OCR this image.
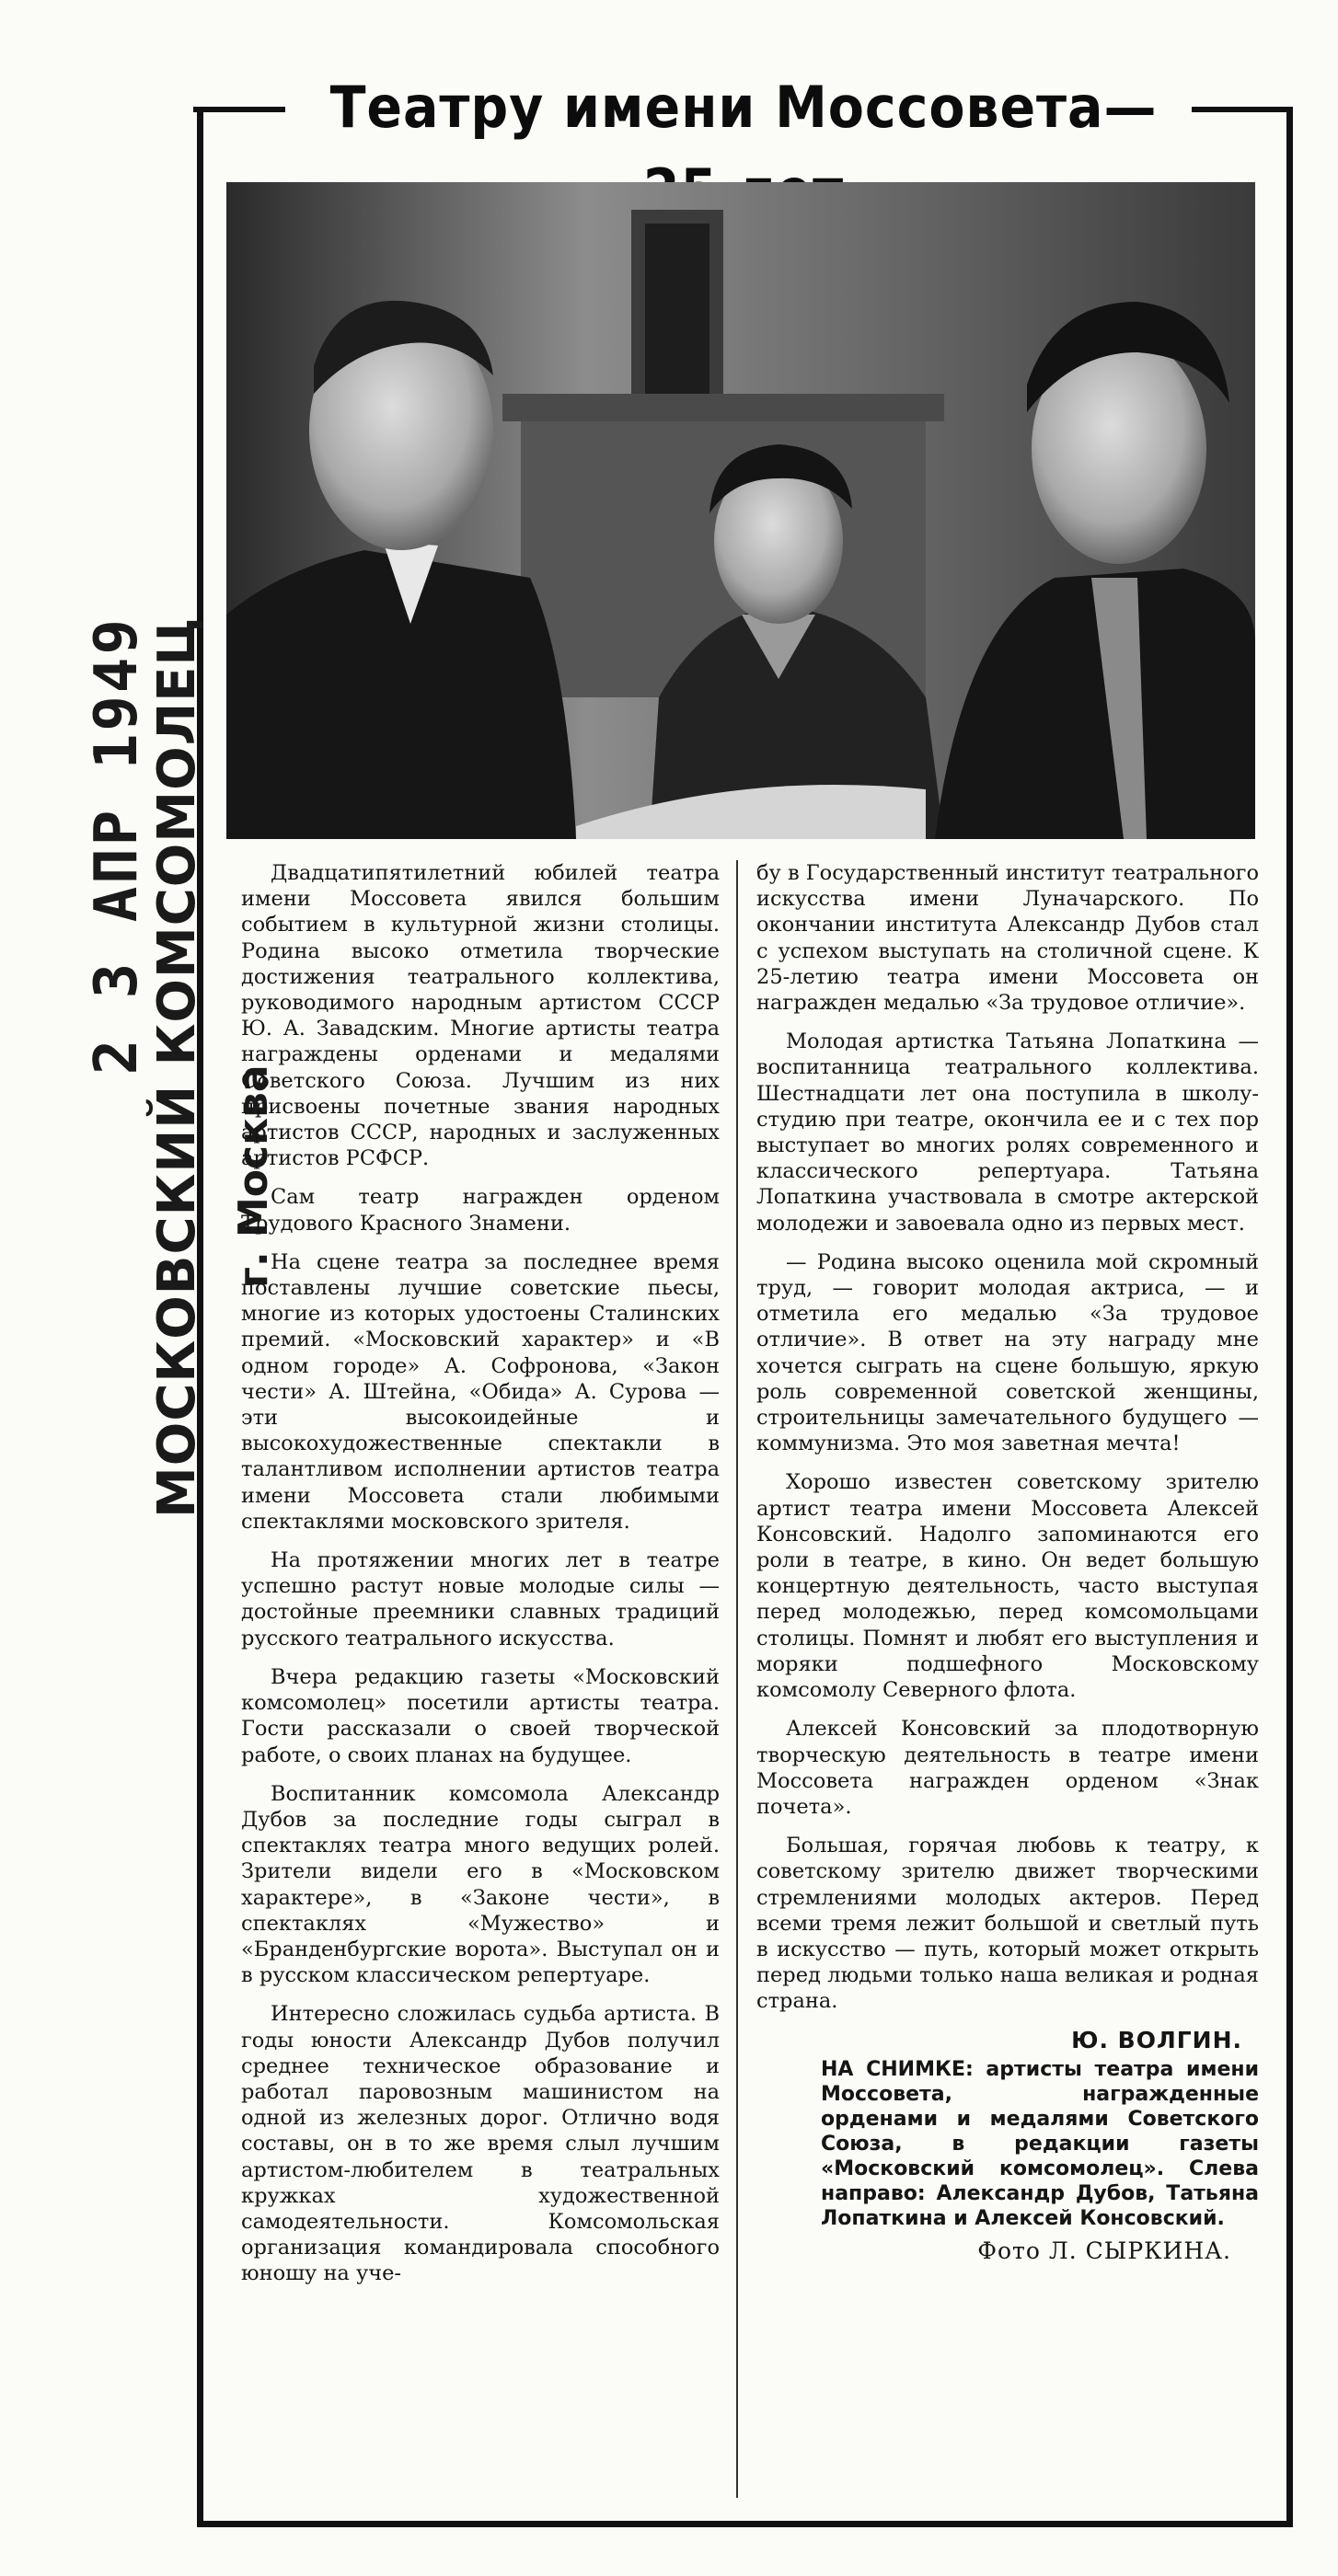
Театру имени Моссовета—
2 3 АПР 1949
МОСКОВСКИЙ КОМСОМОЛЕЦ г. Москва

Двадцатипятилетний юбилей театра имени Моссовета явился большим событием в культурной жизни столицы. Родина высоко отметила творческие достижения театрального коллектива, руководимого народным артистом СССР Ю. А. Завадским. Многие артисты театра награждены орденами и медалями Советского Союза. Лучшим из них присвоены почетные звания народных артистов СССР, народных и заслуженных артистов РСФСР.

Сам театр награжден орденом Трудового Красного Знамени.

На сцене театра за последнее время поставлены лучшие советские пьесы, многие из которых удостоены Сталинских премий. «Московский характер» и «В одном городе» А. Софронова, «Закон чести» А. Штейна, «Обида» А. Сурова — эти высокоидейные и высокохудожественные спектакли в талантливом исполнении артистов театра имени Моссовета стали любимыми спектаклями московского зрителя.

На протяжении многих лет в театре успешно растут новые молодые силы — достойные преемники славных традиций русского театрального искусства.

Вчера редакцию газеты «Московский комсомолец» посетили артисты театра. Гости рассказали о своей творческой работе, о своих планах на будущее.

Воспитанник комсомола Александр Дубов за последние годы сыграл в спектаклях театра много ведущих ролей. Зрители видели его в «Московском характере», в «Законе чести», в спектаклях «Мужество» и «Бранденбургские ворота». Выступал он и в русском классическом репертуаре.

Интересно сложилась судьба артиста. В годы юности Александр Дубов получил среднее техническое образование и работал паровозным машинистом на одной из железных дорог. Отлично водя составы, он в то же время слыл лучшим артистом-любителем в театральных кружках художественной самодеятельности. Комсомольская организация командировала способного юношу на уче-

бу в Государственный институт театрального искусства имени Луначарского. По окончании института Александр Дубов стал с успехом выступать на столичной сцене. К 25-летию театра имени Моссовета он награжден медалью «За трудовое отличие».

Молодая артистка Татьяна Лопаткина — воспитанница театрального коллектива. Шестнадцати лет она поступила в школу-студию при театре, окончила ее и с тех пор выступает во многих ролях современного и классического репертуара. Татьяна Лопаткина участвовала в смотре актерской молодежи и завоевала одно из первых мест.

— Родина высоко оценила мой скромный труд, — говорит молодая актриса, — и отметила его медалью «За трудовое отличие». В ответ на эту награду мне хочется сыграть на сцене большую, яркую роль современной советской женщины, строительницы замечательного будущего — коммунизма. Это моя заветная мечта!

Хорошо известен советскому зрителю артист театра имени Моссовета Алексей Консовский. Надолго запоминаются его роли в театре, в кино. Он ведет большую концертную деятельность, часто выступая перед молодежью, перед комсомольцами столицы. Помнят и любят его выступления и моряки подшефного Московскому комсомолу Северного флота.

Алексей Консовский за плодотворную творческую деятельность в театре имени Моссовета награжден орденом «Знак почета».

Большая, горячая любовь к театру, к советскому зрителю движет творческими стремлениями молодых актеров. Перед всеми тремя лежит большой и светлый путь в искусство — путь, который может открыть перед людьми только наша великая и родная страна.

Ю. ВОЛГИН.
НА СНИМКЕ: артисты театра имени Моссовета, награжденные орденами и медалями Советского Союза, в редакции газеты «Московский комсомолец». Слева направо: Александр Дубов, Татьяна Лопаткина и Алексей Консовский.
Фото Л. СЫРКИНА.
